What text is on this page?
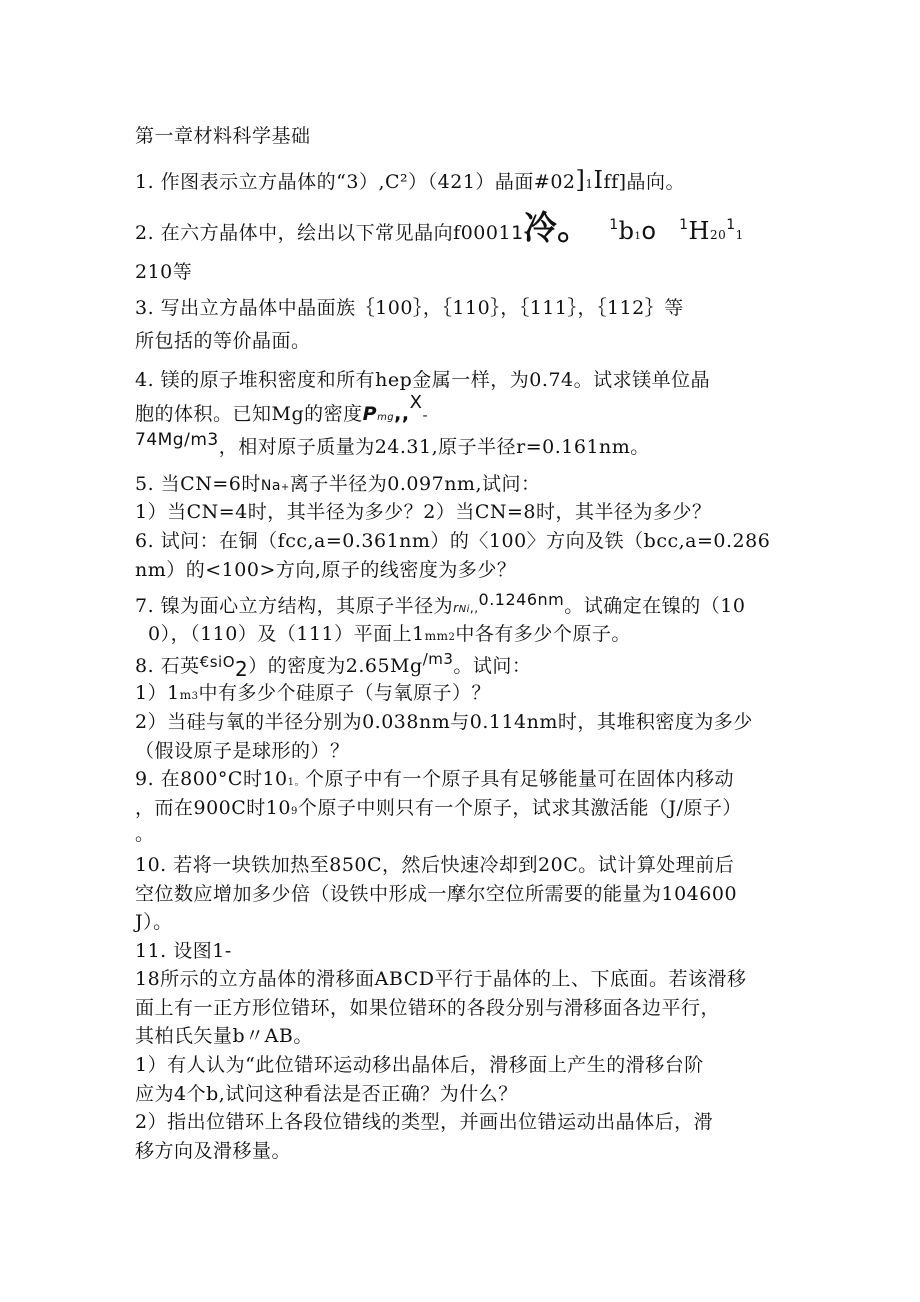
第一章材料科学基础
1. 作图表示立方晶体的“3）,C²）（421）晶面#02]1Iff]晶向。
2. 在六方晶体中，绘出以下常见晶向f00011冷。 $^1$b1o $^1H20^11$
210等
3. 写出立方晶体中晶面族｛100｝，｛110｝，｛111｝，｛112｝等
所包括的等价晶面。
4. 镁的原子堆积密度和所有hep金属一样，为0.74。试求镁单位晶
胞的体积。已知Mg的密度Pmg,,X-
74Mg/m3，相对原子质量为24.31,原子半径r=0.161nm。
5. 当CN=6时Na+离子半径为0.097nm,试问：
1）当CN=4时，其半径为多少？2）当CN=8时，其半径为多少？
6. 试问：在铜（fcc,a=0.361nm）的〈100〉方向及铁（bcc,a=0.286
nm）的<100>方向,原子的线密度为多少？
7. 镍为面心立方结构，其原子半径为rNi,,$^{0.1246nm}$。试确定在镍的（10
0），（110）及（111）平面上1mm2中各有多少个原子。
8. 石英$^{€siO}$2）的密度为$2.65Mg^{/m3}$。试问：
1）1m3中有多少个硅原子（与氧原子）？
2）当硅与氧的半径分别为0.038nm与0.114nm时，其堆积密度为多少
（假设原子是球形的）？
9. 在800°C时101。个原子中有一个原子具有足够能量可在固体内移动
，而在900C时109个原子中则只有一个原子，试求其激活能（J/原子）
。
10. 若将一块铁加热至850C，然后快速冷却到20C。试计算处理前后
空位数应增加多少倍（设铁中形成一摩尔空位所需要的能量为104600
J）。
11. 设图1-
18所示的立方晶体的滑移面ABCD平行于晶体的上、下底面。若该滑移
面上有一正方形位错环，如果位错环的各段分别与滑移面各边平行，
其柏氏矢量b〃AB。
1）有人认为“此位错环运动移出晶体后，滑移面上产生的滑移台阶
应为4个b,试问这种看法是否正确？为什么？
2）指出位错环上各段位错线的类型，并画出位错运动出晶体后，滑
移方向及滑移量。
